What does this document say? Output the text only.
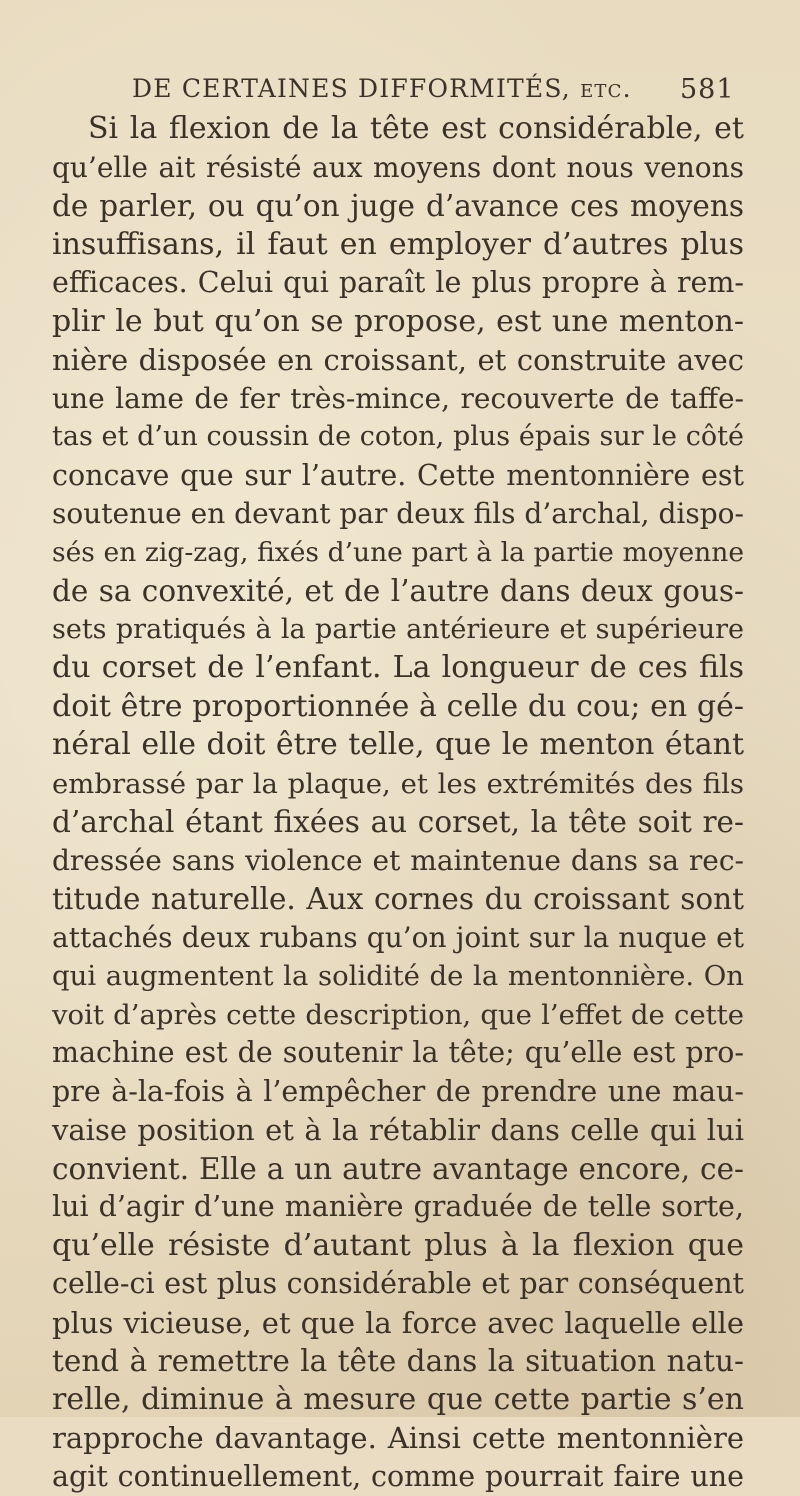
DE CERTAINES DIFFORMITÉS, etc. 581
Si la flexion de la tête est considérable, et
qu’elle ait résisté aux moyens dont nous venons
de parler, ou qu’on juge d’avance ces moyens
insuffisans, il faut en employer d’autres plus
efficaces. Celui qui paraît le plus propre à rem-
plir le but qu’on se propose, est une menton-
nière disposée en croissant, et construite avec
une lame de fer très-mince, recouverte de taffe-
tas et d’un coussin de coton, plus épais sur le côté
concave que sur l’autre. Cette mentonnière est
soutenue en devant par deux fils d’archal, dispo-
sés en zig-zag, fixés d’une part à la partie moyenne
de sa convexité, et de l’autre dans deux gous-
sets pratiqués à la partie antérieure et supérieure
du corset de l’enfant. La longueur de ces fils
doit être proportionnée à celle du cou; en gé-
néral elle doit être telle, que le menton étant
embrassé par la plaque, et les extrémités des fils
d’archal étant fixées au corset, la tête soit re-
dressée sans violence et maintenue dans sa rec-
titude naturelle. Aux cornes du croissant sont
attachés deux rubans qu’on joint sur la nuque et
qui augmentent la solidité de la mentonnière. On
voit d’après cette description, que l’effet de cette
machine est de soutenir la tête; qu’elle est pro-
pre à-la-fois à l’empêcher de prendre une mau-
vaise position et à la rétablir dans celle qui lui
convient. Elle a un autre avantage encore, ce-
lui d’agir d’une manière graduée de telle sorte,
qu’elle résiste d’autant plus à la flexion que
celle-ci est plus considérable et par conséquent
plus vicieuse, et que la force avec laquelle elle
tend à remettre la tête dans la situation natu-
relle, diminue à mesure que cette partie s’en
rapproche davantage. Ainsi cette mentonnière
agit continuellement, comme pourrait faire une
